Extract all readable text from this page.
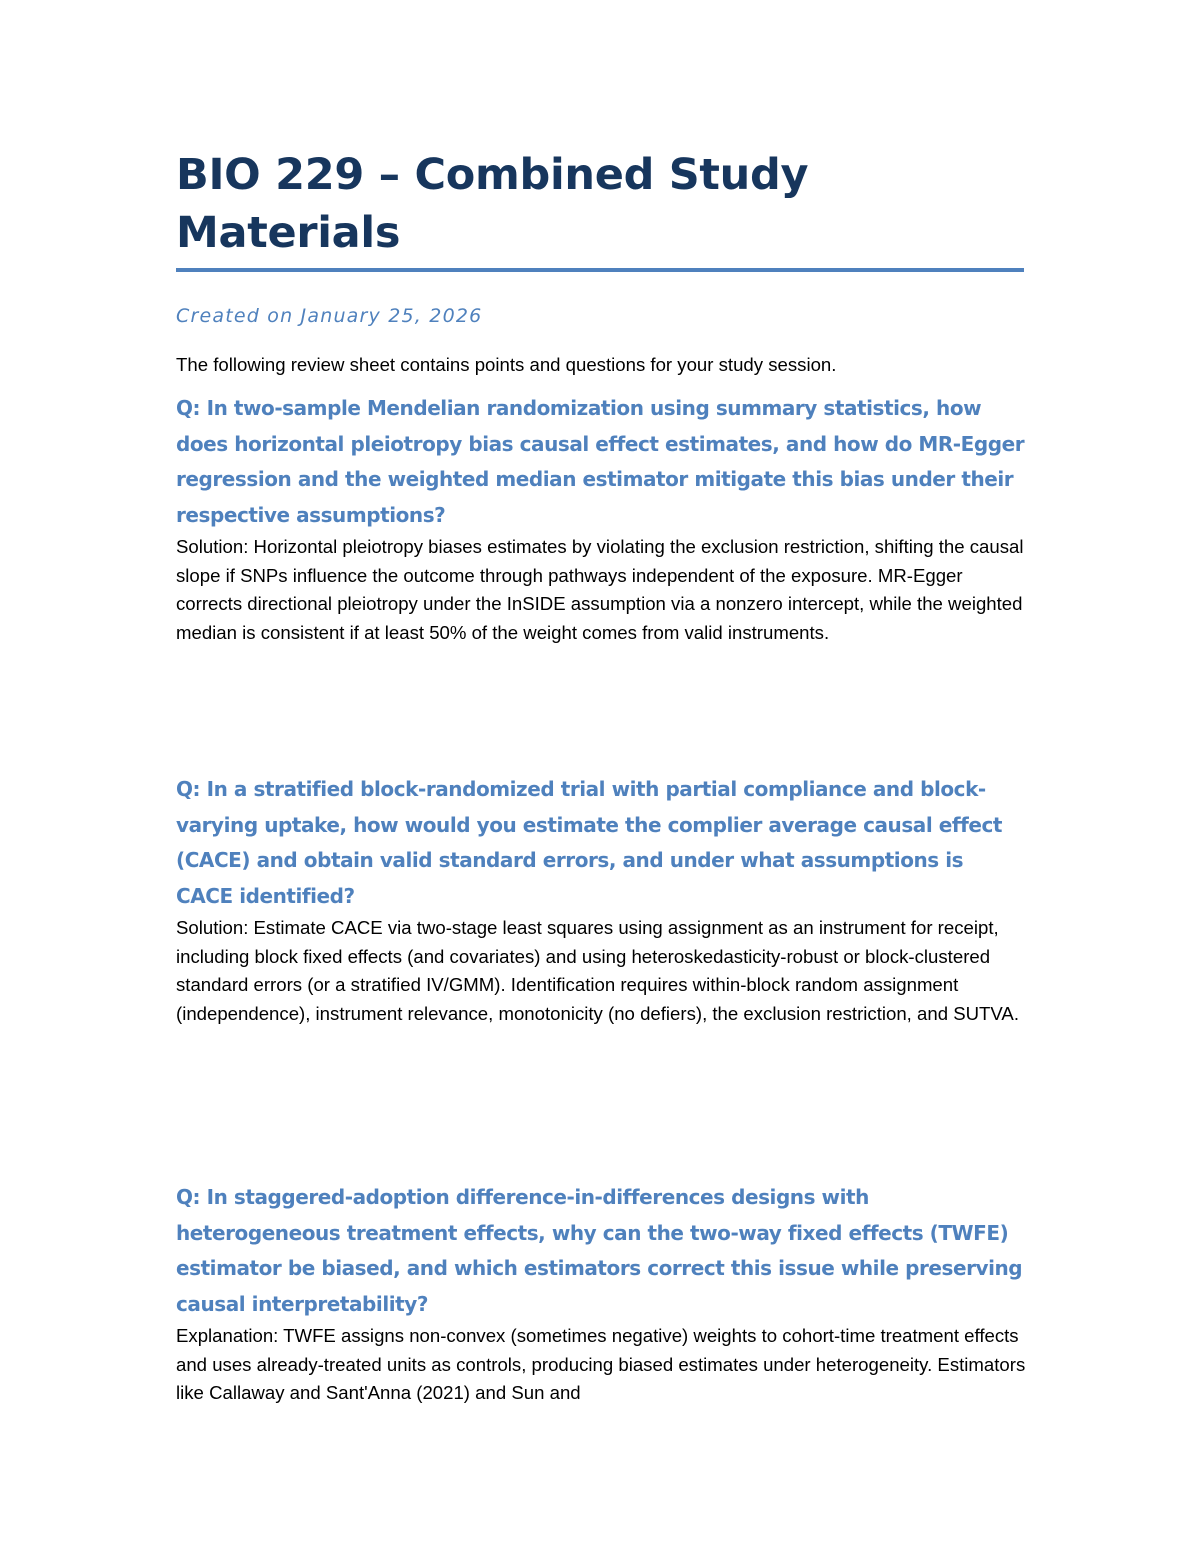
BIO 229 – Combined Study Materials
Created on January 25, 2026
The following review sheet contains points and questions for your study session.

Q: In two-sample Mendelian randomization using summary statistics, how does horizontal pleiotropy bias causal effect estimates, and how do MR-Egger regression and the weighted median estimator mitigate this bias under their respective assumptions?

Solution: Horizontal pleiotropy biases estimates by violating the exclusion restriction, shifting the causal slope if SNPs influence the outcome through pathways independent of the exposure. MR-Egger corrects directional pleiotropy under the InSIDE assumption via a nonzero intercept, while the weighted median is consistent if at least 50% of the weight comes from valid instruments.

Q: In a stratified block-randomized trial with partial compliance and block-varying uptake, how would you estimate the complier average causal effect (CACE) and obtain valid standard errors, and under what assumptions is CACE identified?

Solution: Estimate CACE via two-stage least squares using assignment as an instrument for receipt, including block fixed effects (and covariates) and using heteroskedasticity-robust or block-clustered standard errors (or a stratified IV/GMM). Identification requires within-block random assignment (independence), instrument relevance, monotonicity (no defiers), the exclusion restriction, and SUTVA.

Q: In staggered-adoption difference-in-differences designs with heterogeneous treatment effects, why can the two-way fixed effects (TWFE) estimator be biased, and which estimators correct this issue while preserving causal interpretability?

Explanation: TWFE assigns non-convex (sometimes negative) weights to cohort-time treatment effects and uses already-treated units as controls, producing biased estimates under heterogeneity. Estimators like Callaway and Sant'Anna (2021) and Sun and
